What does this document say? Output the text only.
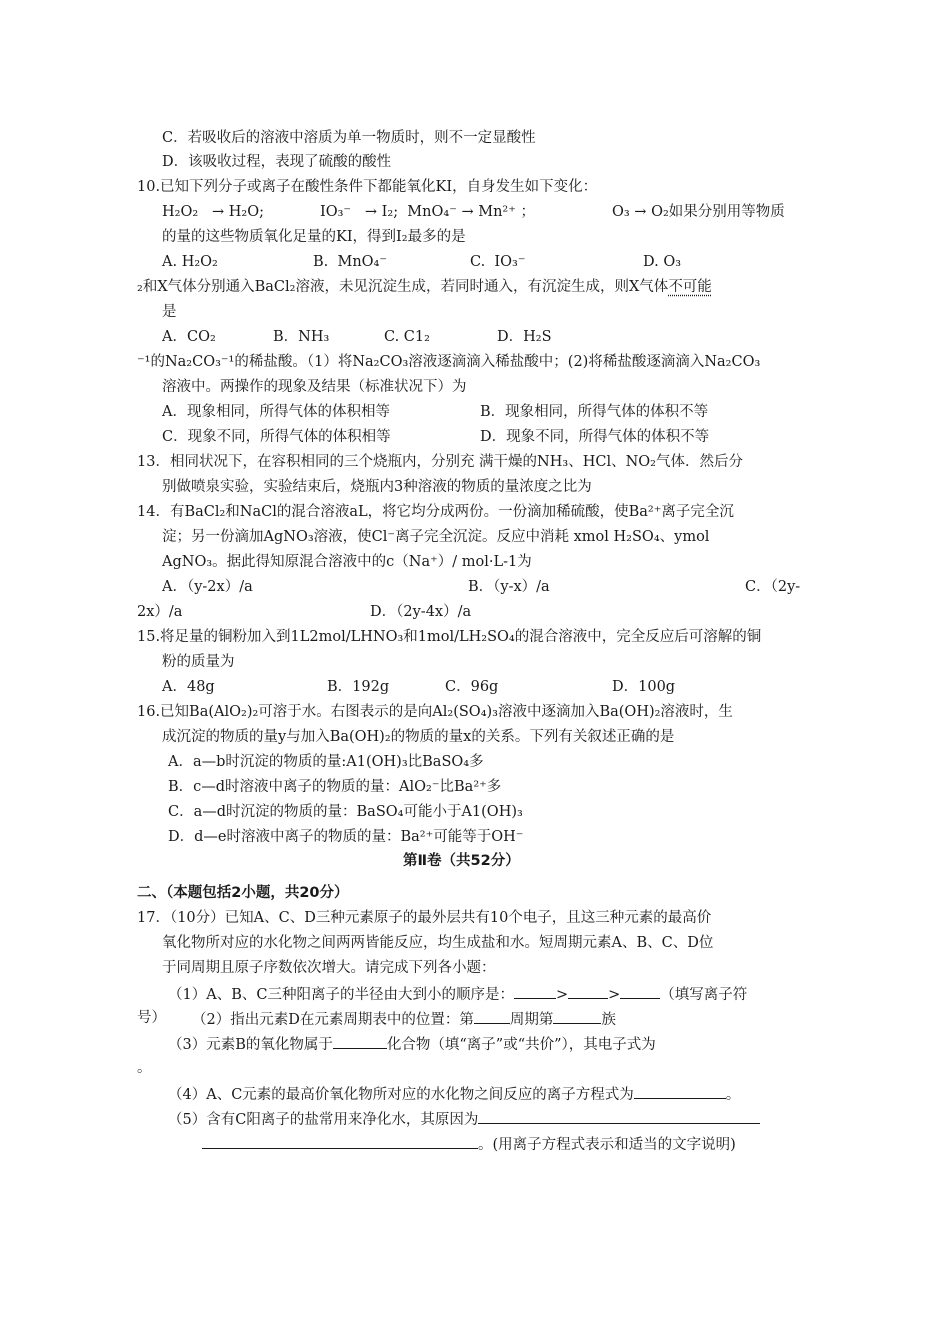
C．若吸收后的溶液中溶质为单一物质时，则不一定显酸性
D．该吸收过程，表现了硫酸的酸性
10.已知下列分子或离子在酸性条件下都能氧化KI，自身发生如下变化：
H₂O₂   → H₂O;	IO₃⁻   → I₂;  MnO₄⁻ → Mn²⁺ ；	O₃ → O₂如果分别用等物质
的量的这些物质氧化足量的KI，得到I₂最多的是
A. H₂O₂	B.  MnO₄⁻	C.  IO₃⁻	D. O₃
₂和X气体分别通入BaCl₂溶液，未见沉淀生成，若同时通入，有沉淀生成，则X气体不可能
是
A．CO₂	B．NH₃	C. C1₂	D．H₂S
⁻¹的Na₂CO₃⁻¹的稀盐酸。（1）将Na₂CO₃溶液逐滴滴入稀盐酸中；(2)将稀盐酸逐滴滴入Na₂CO₃
溶液中。两操作的现象及结果（标准状况下）为
A．现象相同，所得气体的体积相等	B．现象相同，所得气体的体积不等
C．现象不同，所得气体的体积相等	D．现象不同，所得气体的体积不等
13．相同状况下，在容积相同的三个烧瓶内，分别充 满干燥的NH₃、HCl、NO₂气体．然后分
别做喷泉实验，实验结束后，烧瓶内3种溶液的物质的量浓度之比为
14．有BaCl₂和NaCl的混合溶液aL，将它均分成两份。一份滴加稀硫酸，使Ba²⁺离子完全沉
淀；另一份滴加AgNO₃溶液，使Cl⁻离子完全沉淀。反应中消耗 xmol H₂SO₄、ymol
AgNO₃。据此得知原混合溶液中的c（Na⁺）/ mol·L-1为
A．（y-2x）/a	B．（y-x）/a	C．（2y-
2x）/a	D．（2y-4x）/a
15.将足量的铜粉加入到1L2mol/LHNO₃和1mol/LH₂SO₄的混合溶液中，完全反应后可溶解的铜
粉的质量为
A．48g	B．192g	C．96g	D．100g
16.已知Ba(AlO₂)₂可溶于水。右图表示的是向Al₂(SO₄)₃溶液中逐滴加入Ba(OH)₂溶液时，生
成沉淀的物质的量y与加入Ba(OH)₂的物质的量x的关系。下列有关叙述正确的是
A．a—b时沉淀的物质的量:A1(OH)₃比BaSO₄多
B．c—d时溶液中离子的物质的量：AlO₂⁻比Ba²⁺多
C．a—d时沉淀的物质的量：BaSO₄可能小于A1(OH)₃
D．d—e时溶液中离子的物质的量：Ba²⁺可能等于OH⁻
第Ⅱ卷（共52分）
二、（本题包括2小题，共20分）
17．（10分）已知A、C、D三种元素原子的最外层共有10个电子，且这三种元素的最高价
氧化物所对应的水化物之间两两皆能反应，均生成盐和水。短周期元素A、B、C、D位
于同周期且原子序数依次增大。请完成下列各小题：
（1）A、B、C三种阳离子的半径由大到小的顺序是：	>	>	（填写离子符
号） （2）指出元素D在元素周期表中的位置：第 周期第	族
（3）元素B的氧化物属于	化合物（填“离子”或“共价”），其电子式为
。
（4）A、C元素的最高价氧化物所对应的水化物之间反应的离子方程式为	。
（5）含有C阳离子的盐常用来净化水，其原因为
。(用离子方程式表示和适当的文字说明)
